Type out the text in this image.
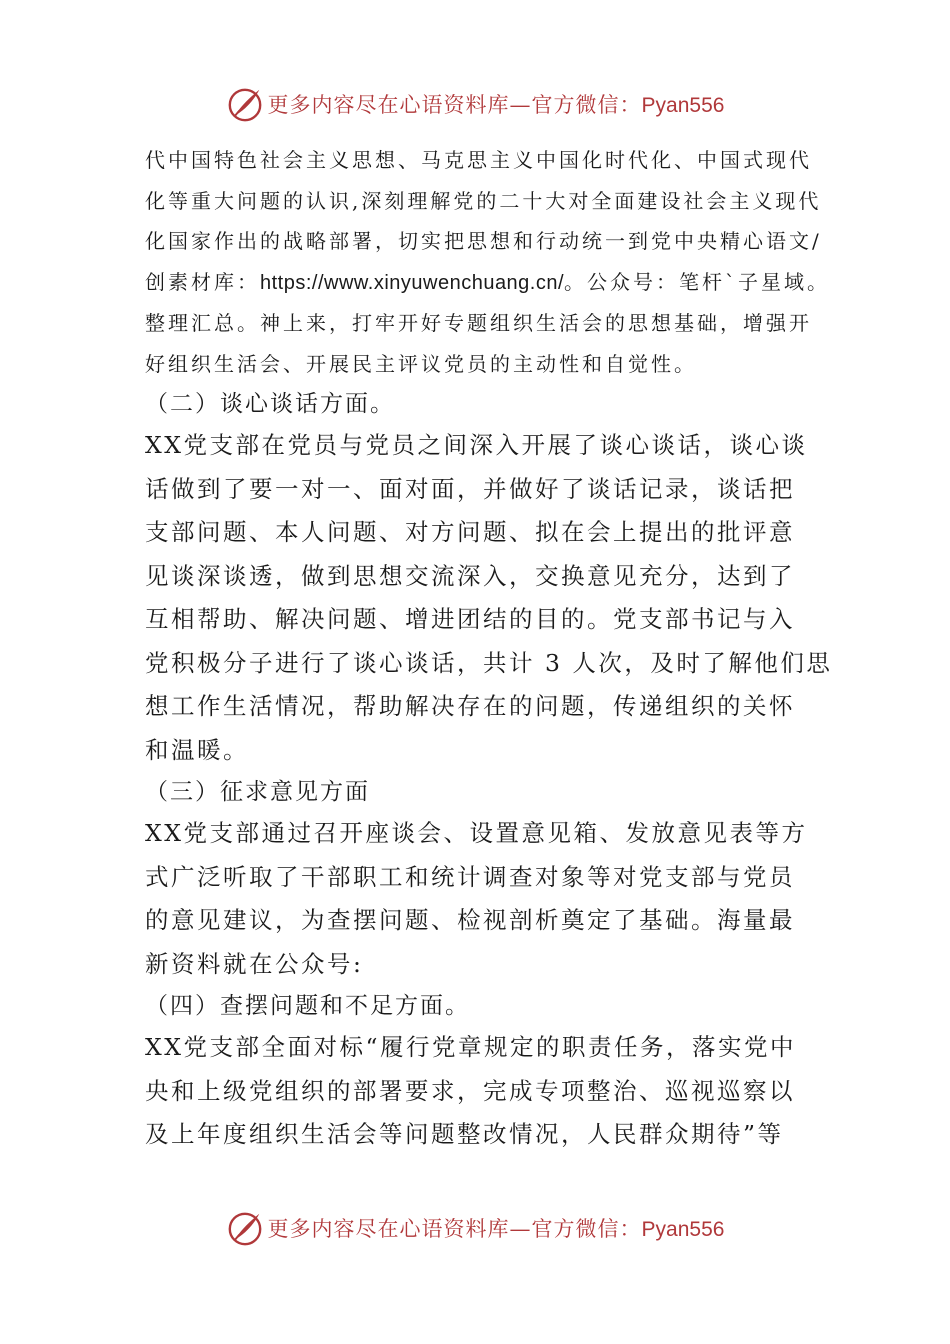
更多内容尽在心语资料库—官方微信：Pyan556

代中国特色社会主义思想、马克思主义中国化时代化、中国式现代

化等重大问题的认识,深刻理解党的二十大对全面建设社会主义现代

化国家作出的战略部署，切实把思想和行动统一到党中央精心语文/

创素材库：https://www.xinyuwenchuang.cn/。公众号：笔杆`子星域。

整理汇总。神上来，打牢开好专题组织生活会的思想基础，增强开

好组织生活会、开展民主评议党员的主动性和自觉性。

（二）谈心谈话方面。

XX党支部在党员与党员之间深入开展了谈心谈话，谈心谈

话做到了要一对一、面对面，并做好了谈话记录，谈话把

支部问题、本人问题、对方问题、拟在会上提出的批评意

见谈深谈透，做到思想交流深入，交换意见充分，达到了

互相帮助、解决问题、增进团结的目的。党支部书记与入

党积极分子进行了谈心谈话，共计 3 人次，及时了解他们思

想工作生活情况，帮助解决存在的问题，传递组织的关怀

和温暖。

（三）征求意见方面

XX党支部通过召开座谈会、设置意见箱、发放意见表等方

式广泛听取了干部职工和统计调查对象等对党支部与党员

的意见建议，为查摆问题、检视剖析奠定了基础。海量最

新资料就在公众号:

（四）查摆问题和不足方面。

XX党支部全面对标“履行党章规定的职责任务，落实党中

央和上级党组织的部署要求，完成专项整治、巡视巡察以

及上年度组织生活会等问题整改情况，人民群众期待”等

更多内容尽在心语资料库—官方微信：Pyan556
